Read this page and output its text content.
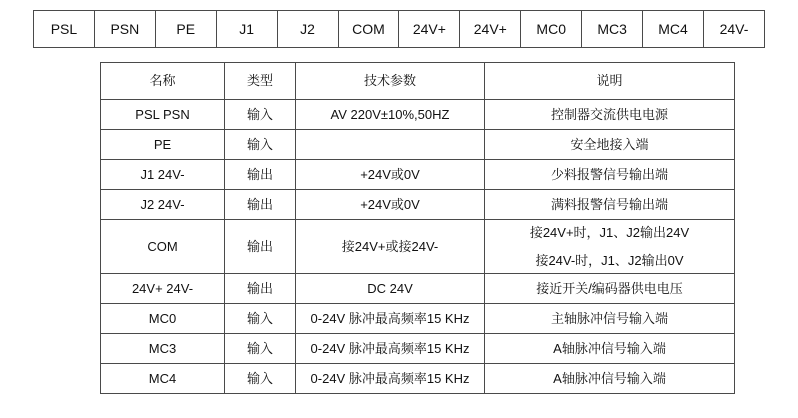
PSL	PSN	PE	J1	J2	COM	24V+	24V+	MC0	MC3	MC4	24V-
名称	类型	技术参数	说明
PSL PSN	输入	AV 220V±10%,50HZ	控制器交流供电电源
PE	输入		安全地接入端
J1 24V-	输出	+24V或0V	少料报警信号输出端
J2 24V-	输出	+24V或0V	满料报警信号输出端
COM	输出	接24V+或接24V-	接24V+时，J1、J2输出24V
接24V-时，J1、J2输出0V

24V+ 24V-	输出	DC 24V	接近开关/编码器供电电压
MC0	输入	0-24V 脉冲最高频率15 KHz	主轴脉冲信号输入端
MC3	输入	0-24V 脉冲最高频率15 KHz	A轴脉冲信号输入端
MC4	输入	0-24V 脉冲最高频率15 KHz	A轴脉冲信号输入端
